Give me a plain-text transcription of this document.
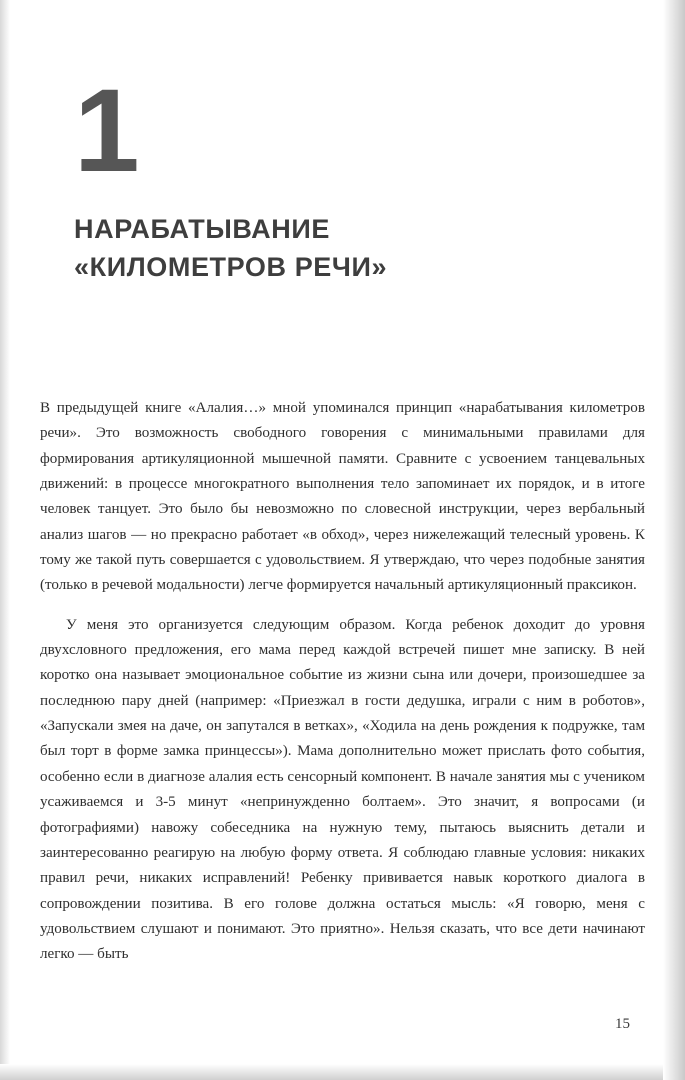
1
НАРАБАТЫВАНИЕ
«КИЛОМЕТРОВ РЕЧИ»

В предыдущей книге «Алалия…» мной упоминался принцип «нарабатывания километров речи». Это возможность свободного говорения с минимальными правилами для формирования артикуляционной мышечной памяти. Сравните с усвоением танцевальных движений: в процессе многократного выполнения тело запоминает их порядок, и в итоге человек танцует. Это было бы невозможно по словесной инструкции, через вербальный анализ шагов — но прекрасно работает «в обход», через нижележащий телесный уровень. К тому же такой путь совершается с удовольствием. Я утверждаю, что через подобные занятия (только в речевой модальности) легче формируется начальный артикуляционный праксикон.

У меня это организуется следующим образом. Когда ребенок доходит до уровня двухсловного предложения, его мама перед каждой встречей пишет мне записку. В ней коротко она называет эмоциональное событие из жизни сына или дочери, произошедшее за последнюю пару дней (например: «Приезжал в гости дедушка, играли с ним в роботов», «Запускали змея на даче, он запутался в ветках», «Ходила на день рождения к подружке, там был торт в форме замка принцессы»). Мама дополнительно может прислать фото события, особенно если в диагнозе алалия есть сенсорный компонент. В начале занятия мы с учеником усаживаемся и 3-5 минут «непринужденно болтаем». Это значит, я вопросами (и фотографиями) навожу собеседника на нужную тему, пытаюсь выяснить детали и заинтересованно реагирую на любую форму ответа. Я соблюдаю главные условия: никаких правил речи, никаких исправлений! Ребенку прививается навык короткого диалога в сопровождении позитива. В его голове должна остаться мысль: «Я говорю, меня с удовольствием слушают и понимают. Это приятно». Нельзя сказать, что все дети начинают легко — быть

15
